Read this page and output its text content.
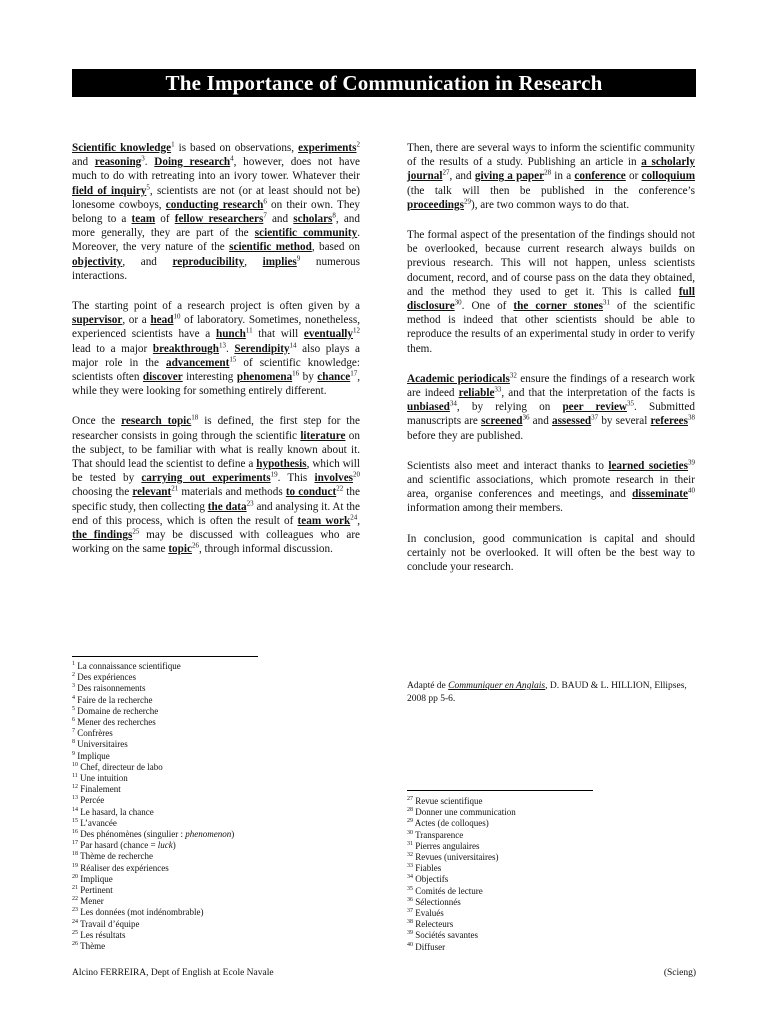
The Importance of Communication in Research

Scientific knowledge$^1$ is based on observations, experiments$^2$ and reasoning$^3$. Doing research$^4$, however, does not have much to do with retreating into an ivory tower. Whatever their field of inquiry$^5$, scientists are not (or at least should not be) lonesome cowboys, conducting research$^6$ on their own. They belong to a team of fellow researchers$^7$ and scholars$^8$, and more generally, they are part of the scientific community. Moreover, the very nature of the scientific method, based on objectivity, and reproducibility, implies$^9$ numerous interactions.

The starting point of a research project is often given by a supervisor, or a head$^{10}$ of laboratory. Sometimes, nonetheless, experienced scientists have a hunch$^{11}$ that will eventually$^{12}$ lead to a major breakthrough$^{13}$. Serendipity$^{14}$ also plays a major role in the advancement$^{15}$ of scientific knowledge: scientists often discover interesting phenomena$^{16}$ by chance$^{17}$, while they were looking for something entirely different.

Once the research topic$^{18}$ is defined, the first step for the researcher consists in going through the scientific literature on the subject, to be familiar with what is really known about it. That should lead the scientist to define a hypothesis, which will be tested by carrying out experiments$^{19}$. This involves$^{20}$ choosing the relevant$^{21}$ materials and methods to conduct$^{22}$ the specific study, then collecting the data$^{23}$ and analysing it. At the end of this process, which is often the result of team work$^{24}$, the findings$^{25}$ may be discussed with colleagues who are working on the same topic$^{26}$, through informal discussion.

Then, there are several ways to inform the scientific community of the results of a study. Publishing an article in a scholarly journal$^{27}$, and giving a paper$^{28}$ in a conference or colloquium (the talk will then be published in the conference’s proceedings$^{29}$), are two common ways to do that.

The formal aspect of the presentation of the findings should not be overlooked, because current research always builds on previous research. This will not happen, unless scientists document, record, and of course pass on the data they obtained, and the method they used to get it. This is called full disclosure$^{30}$. One of the corner stones$^{31}$ of the scientific method is indeed that other scientists should be able to reproduce the results of an experimental study in order to verify them.

Academic periodicals$^{32}$ ensure the findings of a research work are indeed reliable$^{33}$, and that the interpretation of the facts is unbiased$^{34}$, by relying on peer review$^{35}$. Submitted manuscripts are screened$^{36}$ and assessed$^{37}$ by several referees$^{38}$ before they are published.

Scientists also meet and interact thanks to learned societies$^{39}$ and scientific associations, which promote research in their area, organise conferences and meetings, and disseminate$^{40}$ information among their members.

In conclusion, good communication is capital and should certainly not be overlooked. It will often be the best way to conclude your research.

Adapté de Communiquer en Anglais, D. BAUD & L. HILLION, Ellipses, 2008 pp 5-6.
$^1$ La connaissance scientifique
$^2$ Des expériences
$^3$ Des raisonnements
$^4$ Faire de la recherche
$^5$ Domaine de recherche
$^6$ Mener des recherches
$^7$ Confrères
$^8$ Universitaires
$^9$ Implique
$^{10}$ Chef, directeur de labo
$^{11}$ Une intuition
$^{12}$ Finalement
$^{13}$ Percée
$^{14}$ Le hasard, la chance
$^{15}$ L’avancée
$^{16}$ Des phénomènes (singulier : phenomenon)
$^{17}$ Par hasard (chance = luck)
$^{18}$ Thème de recherche
$^{19}$ Réaliser des expériences
$^{20}$ Implique
$^{21}$ Pertinent
$^{22}$ Mener
$^{23}$ Les données (mot indénombrable)
$^{24}$ Travail d’équipe
$^{25}$ Les résultats
$^{26}$ Thème
$^{27}$ Revue scientifique
$^{28}$ Donner une communication
$^{29}$ Actes (de colloques)
$^{30}$ Transparence
$^{31}$ Pierres angulaires
$^{32}$ Revues (universitaires)
$^{33}$ Fiables
$^{34}$ Objectifs
$^{35}$ Comités de lecture
$^{36}$ Sélectionnés
$^{37}$ Evalués
$^{38}$ Relecteurs
$^{39}$ Sociétés savantes
$^{40}$ Diffuser
Alcino FERREIRA, Dept of English at Ecole Navale	(Scieng)
